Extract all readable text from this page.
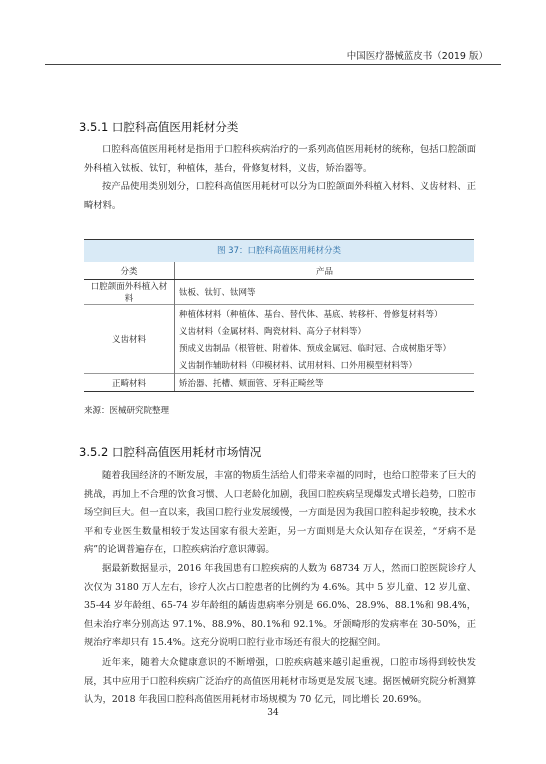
中国医疗器械蓝皮书（2019 版）
3.5.1 口腔科高值医用耗材分类

口腔科高值医用耗材是指用于口腔科疾病治疗的一系列高值医用耗材的统称，包括口腔颌面外科植入钛板、钛钉，种植体，基台，骨修复材料，义齿，矫治器等。

按产品使用类别划分，口腔科高值医用耗材可以分为口腔颌面外科植入材料、义齿材料、正畸材料。

图 37：口腔科高值医用耗材分类
分类	产品
口腔颌面外科植入材料	钛板、钛钉、钛网等
义齿材料	种植体材料（种植体、基台、替代体、基底、转移杆、骨修复材料等）
	义齿材料（金属材料、陶瓷材料、高分子材料等）
	预成义齿制品（根管桩、附着体、预成金属冠、临时冠、合成树脂牙等）
	义齿制作辅助材料（印模材料、试用材料、口外用模型材料等）
正畸材料	矫治器、托槽、颊面管、牙科正畸丝等
来源：医械研究院整理
3.5.2 口腔科高值医用耗材市场情况

随着我国经济的不断发展，丰富的物质生活给人们带来幸福的同时，也给口腔带来了巨大的挑战，再加上不合理的饮食习惯、人口老龄化加剧，我国口腔疾病呈现爆发式增长趋势，口腔市场空间巨大。但一直以来，我国口腔行业发展缓慢，一方面是因为我国口腔科起步较晚，技术水平和专业医生数量相较于发达国家有很大差距，另一方面则是大众认知存在误差，“牙病不是病”的论调普遍存在，口腔疾病治疗意识薄弱。

据最新数据显示，2016 年我国患有口腔疾病的人数为 68734 万人，然而口腔医院诊疗人次仅为 3180 万人左右，诊疗人次占口腔患者的比例约为 4.6%。其中 5 岁儿童、12 岁儿童、35-44 岁年龄组、65-74 岁年龄组的龋齿患病率分别是 66.0%、28.9%、88.1%和 98.4%，但未治疗率分别高达 97.1%、88.9%、80.1%和 92.1%。牙颌畸形的发病率在 30-50%，正规治疗率却只有 15.4%。这充分说明口腔行业市场还有很大的挖掘空间。

近年来，随着大众健康意识的不断增强，口腔疾病越来越引起重视，口腔市场得到较快发展，其中应用于口腔科疾病广泛治疗的高值医用耗材市场更是发展飞速。据医械研究院分析测算认为，2018 年我国口腔科高值医用耗材市场规模为 70 亿元，同比增长 20.69%。

34
